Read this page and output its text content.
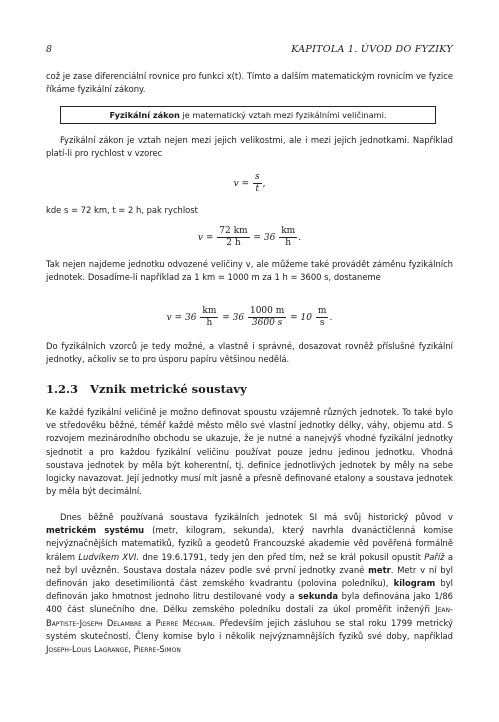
8	KAPITOLA 1. ÚVOD DO FYZIKY
což je zase diferenciální rovnice pro funkci x(t). Tímto a dalším matematickým rovnicím ve fyzice říkáme fyzikální zákony.
Fyzikální zákon je matematický vztah mezi fyzikálními veličinami.
Fyzikální zákon je vztah nejen mezi jejich velikostmi, ale i mezi jejich jednotkami. Například platí-li pro rychlost v vzorec
$v = \frac{s}{t}$ ,
kde s = 72 km, t = 2 h, pak rychlost
$v = \frac{72 km}{2 h} = 36 \frac{km}{h}$ .
Tak nejen najdeme jednotku odvozené veličiny v, ale můžeme také provádět záměnu fyzikálních jednotek. Dosadíme-li například za 1 km = 1000 m za 1 h = 3600 s, dostaneme
$v = 36 \frac{km}{h} = 36 \frac{1000 m}{3600 s} = 10 \frac{m}{s}$ .
Do fyzikálních vzorců je tedy možné, a vlastně i správné, dosazovat rovněž příslušné fyzikální jednotky, ačkoliv se to pro úsporu papíru většinou nedělá.
1.2.3 Vznik metrické soustavy
Ke každé fyzikální veličině je možno definovat spoustu vzájemně různých jednotek. To také bylo ve středověku běžné, téměř každé město mělo své vlastní jednotky délky, váhy, objemu atd. S rozvojem mezinárodního obchodu se ukazuje, že je nutné a nanejvýš vhodné fyzikální jednotky sjednotit a pro každou fyzikální veličinu používat pouze jednu jedinou jednotku. Vhodná soustava jednotek by měla být koherentní, tj. definice jednotlivých jednotek by měly na sebe logicky navazovat. Její jednotky musí mít jasně a přesně definované etalony a soustava jednotek by měla být decimální.
Dnes běžně používaná soustava fyzikálních jednotek SI má svůj historický původ v metrickém systému (metr, kilogram, sekunda), který navrhla dvanáctičlenná komise nejvýznačnějších matematiků, fyziků a geodetů Francouzské akademie věd pověřená formálně králem Ludvíkem XVI. dne 19.6.1791, tedy jen den před tím, než se král pokusil opustit Paříž a než byl uvězněn. Soustava dostala název podle své první jednotky zvané metr. Metr v ní byl definován jako desetimiliontá část zemského kvadrantu (polovina poledníku), kilogram byl definován jako hmotnost jednoho litru destilované vody a sekunda byla definována jako 1/86 400 část slunečního dne. Délku zemského poledníku dostali za úkol proměřit inženýři Jean-Baptiste-Joseph Delambre a Pierre Mechain. Především jejich zásluhou se stal roku 1799 metrický systém skutečností. Členy komise bylo i několik nejvýznamnějších fyziků své doby, například Joseph-Louis Lagrange, Pierre-Simon
